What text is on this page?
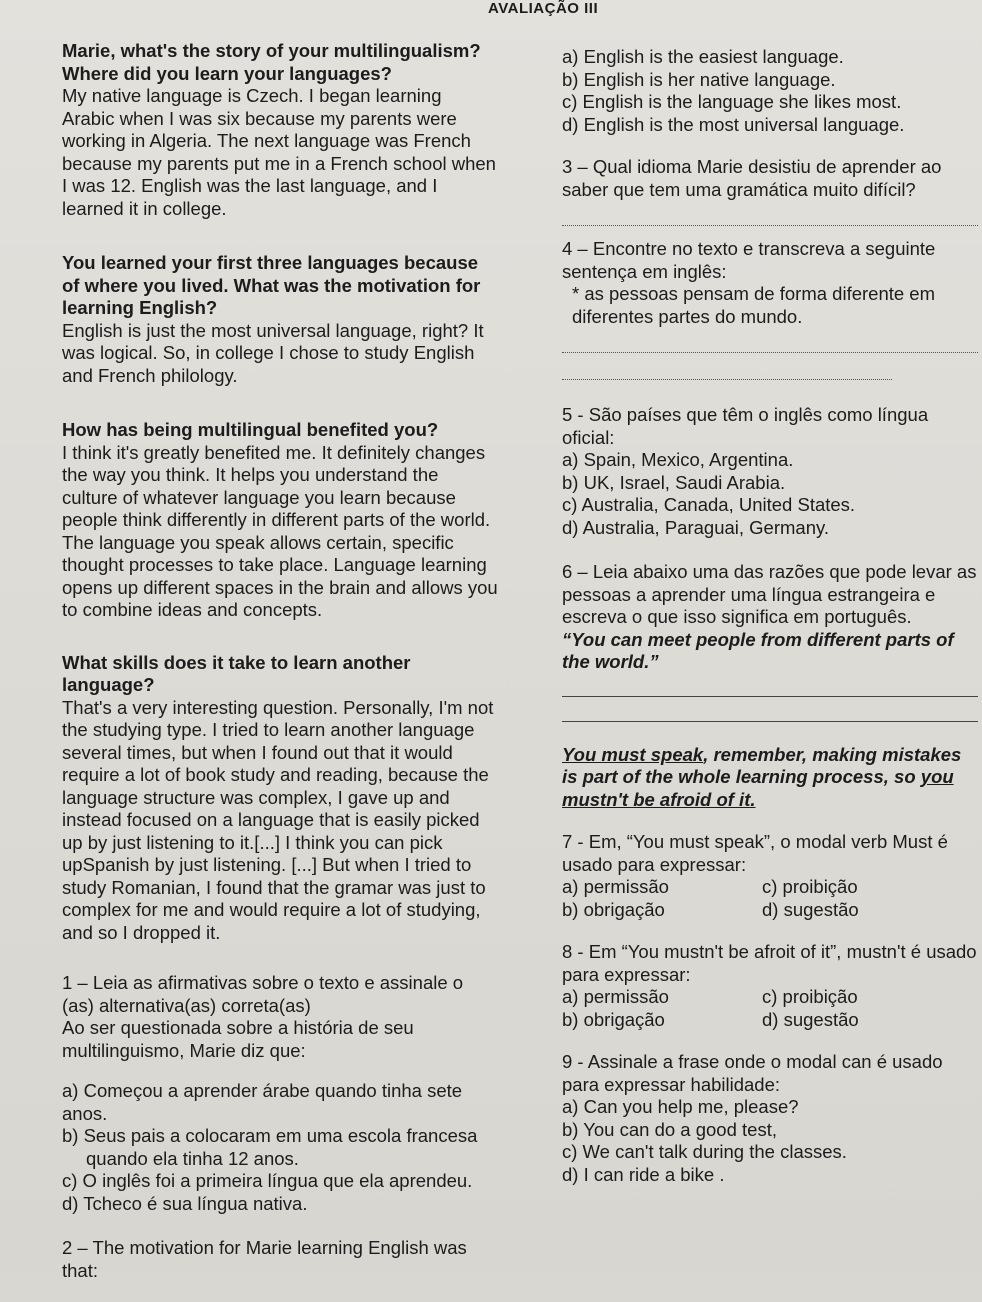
AVALIAÇÃO III

Marie, what's the story of your multilingualism? Where did you learn your languages?

My native language is Czech. I began learning Arabic when I was six because my parents were working in Algeria. The next language was French because my parents put me in a French school when I was 12. English was the last language, and I learned it in college.

You learned your first three languages because of where you lived. What was the motivation for learning English?

English is just the most universal language, right? It was logical. So, in college I chose to study English and French philology.

How has being multilingual benefited you?

I think it's greatly benefited me. It definitely changes the way you think. It helps you understand the culture of whatever language you learn because people think differently in different parts of the world. The language you speak allows certain, specific thought processes to take place. Language learning opens up different spaces in the brain and allows you to combine ideas and concepts.

What skills does it take to learn another language?

That's a very interesting question. Personally, I'm not the studying type. I tried to learn another language several times, but when I found out that it would require a lot of book study and reading, because the language structure was complex, I gave up and instead focused on a language that is easily picked up by just listening to it.[...] I think you can pick upSpanish by just listening. [...] But when I tried to study Romanian, I found that the gramar was just to complex for me and would require a lot of studying, and so I dropped it.

1 – Leia as afirmativas sobre o texto e assinale o (as) alternativa(as) correta(as)

Ao ser questionada sobre a história de seu multilinguismo, Marie diz que:

a) Começou a aprender árabe quando tinha sete anos.

b) Seus pais a colocaram em uma escola francesa

quando ela tinha 12 anos.

c) O inglês foi a primeira língua que ela aprendeu.

d) Tcheco é sua língua nativa.

2 – The motivation for Marie learning English was that:

a) English is the easiest language.

b) English is her native language.

c) English is the language she likes most.

d) English is the most universal language.

3 – Qual idioma Marie desistiu de aprender ao saber que tem uma gramática muito difícil?

4 – Encontre no texto e transcreva a seguinte sentença em inglês:

* as pessoas pensam de forma diferente em diferentes partes do mundo.

5 - São países que têm o inglês como língua oficial:

a) Spain, Mexico, Argentina.

b) UK, Israel, Saudi Arabia.

c) Australia, Canada, United States.

d) Australia, Paraguai, Germany.

6 – Leia abaixo uma das razões que pode levar as pessoas a aprender uma língua estrangeira e escreva o que isso significa em português.

“You can meet people from different parts of the world.”

You must speak, remember, making mistakes is part of the whole learning process, so you mustn't be afroid of it.

7 - Em, “You must speak”, o modal verb Must é usado para expressar:

a) permissão	c) proibição
b) obrigação	d) sugestão

8 - Em “You mustn't be afroit of it”, mustn't é usado para expressar:

a) permissão	c) proibição
b) obrigação	d) sugestão

9 - Assinale a frase onde o modal can é usado para expressar habilidade:

a) Can you help me, please?

b) You can do a good test,

c) We can't talk during the classes.

d) I can ride a bike .
